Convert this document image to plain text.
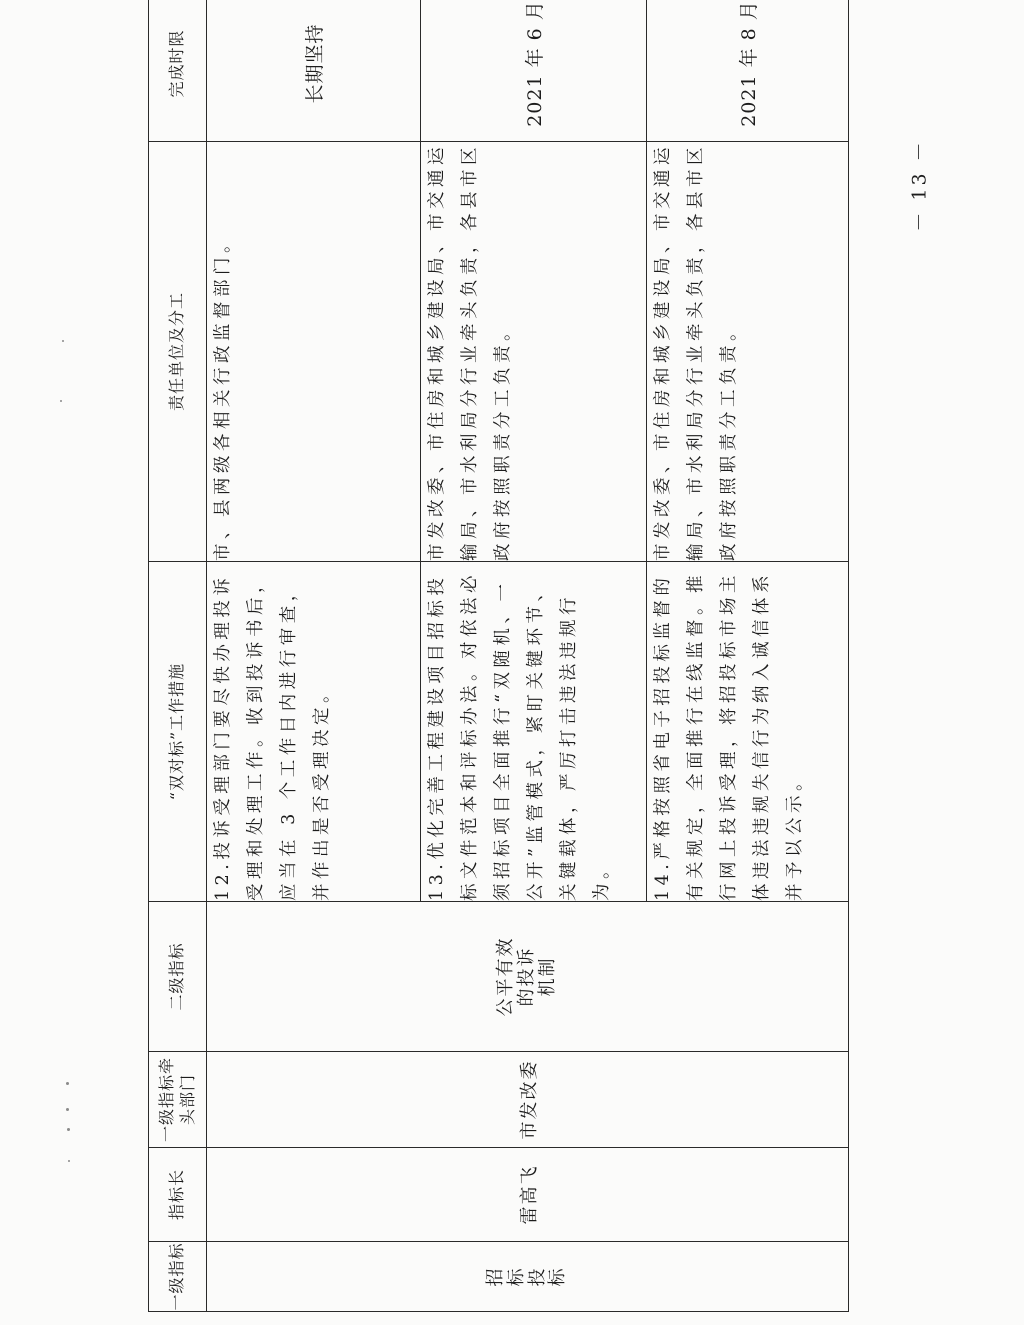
一级指标	指标长	一级指标牵头部门	二级指标	“双对标”工作措施	责任单位及分工	完成时限

招 标 投 标	雷高飞	市发改委	公平有效 的投诉 机制	12.投诉受理部门要尽快办理投诉受理和处理工作。收到投诉书后，应当在 3 个工作日内进行审查，并作出是否受理决定。	市、县两级各相关行政监督部门。	长期坚持
				13.优化完善工程建设项目招标投标文件范本和评标办法。对依法必须招标项目全面推行“双随机、一公开”监管模式，紧盯关键环节、关键载体，严厉打击违法违规行为。	市发改委、市住房和城乡建设局、市交通运输局、市水利局分行业牵头负责，各县市区政府按照职责分工负责。	2021 年 6 月
				14.严格按照省电子招投标监督的有关规定，全面推行在线监督。推行网上投诉受理，将招投标市场主体违法违规失信行为纳入诚信体系并予以公示。	市发改委、市住房和城乡建设局、市交通运输局、市水利局分行业牵头负责，各县市区政府按照职责分工负责。	2021 年 8 月
－ 13 －
